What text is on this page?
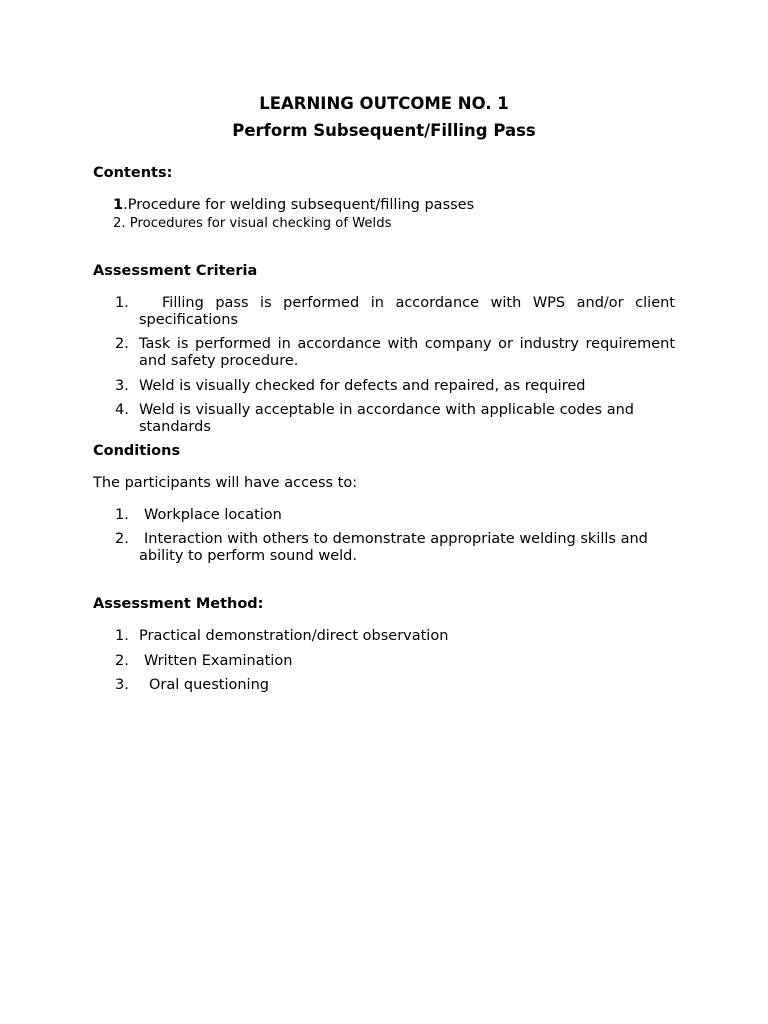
LEARNING OUTCOME NO. 1
Perform Subsequent/Filling Pass
Contents:
1.Procedure for welding subsequent/filling passes
2. Procedures for visual checking of Welds
Assessment Criteria
1.	Filling pass is performed in accordance with WPS and/or client specifications
2. Task is performed in accordance with company or industry requirement and safety procedure.
3. Weld is visually checked for defects and repaired, as required
4. Weld is visually acceptable in accordance with applicable codes and standards
Conditions
The participants will have access to:
1.	Workplace location
2.	Interaction with others to demonstrate appropriate welding skills and ability to perform sound weld.
Assessment Method:
1. Practical demonstration/direct observation
2.	Written Examination
3.	Oral questioning
